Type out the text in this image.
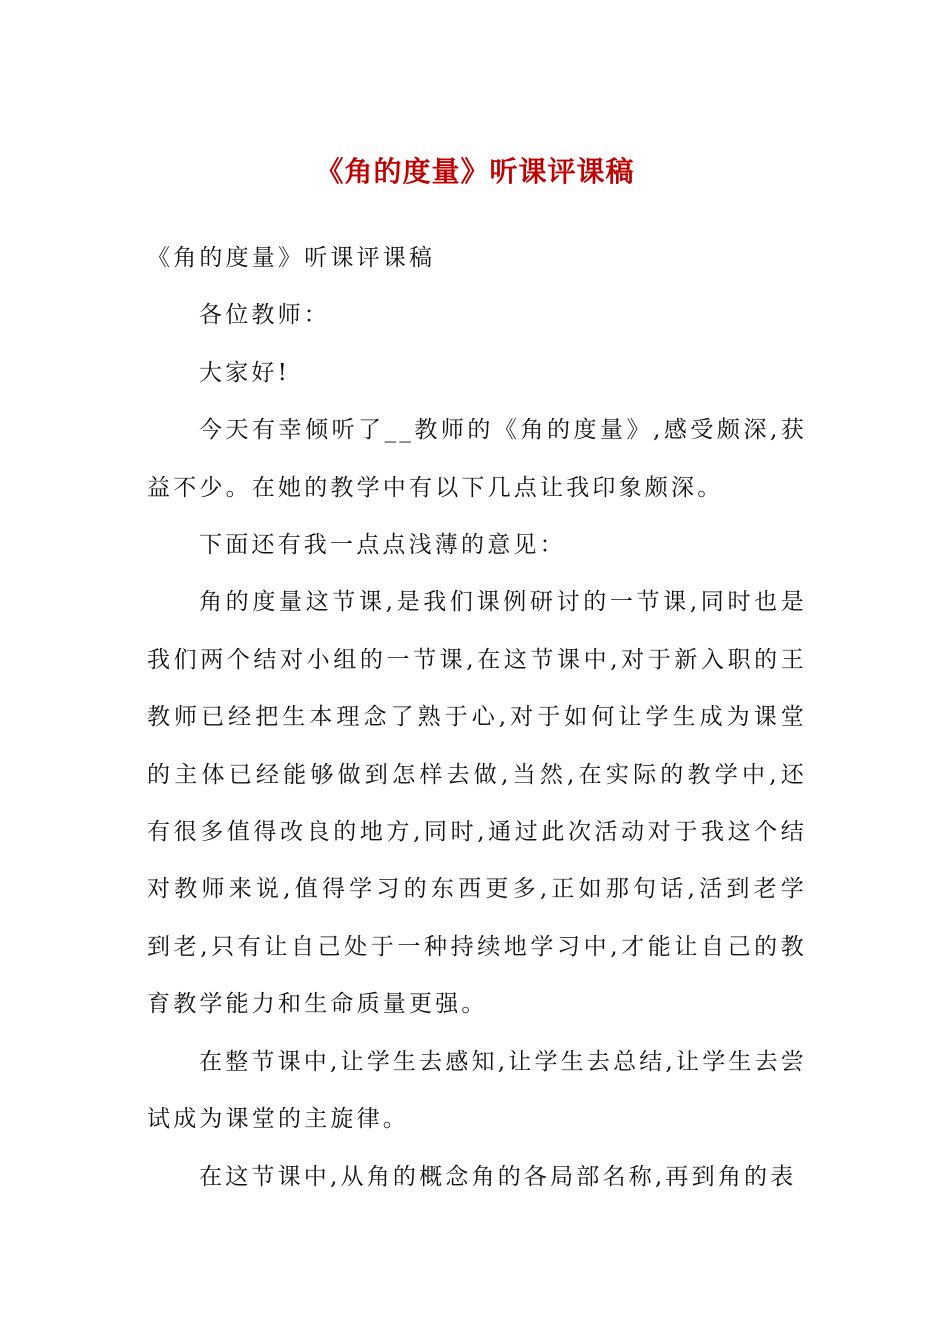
《角的度量》听课评课稿

《角的度量》听课评课稿

各位教师：

大家好!

今天有幸倾听了__教师的《角的度量》,感受颇深,获益不少。在她的教学中有以下几点让我印象颇深。

下面还有我一点点浅薄的意见：

角的度量这节课,是我们课例研讨的一节课,同时也是我们两个结对小组的一节课,在这节课中,对于新入职的王教师已经把生本理念了熟于心,对于如何让学生成为课堂的主体已经能够做到怎样去做,当然,在实际的教学中,还有很多值得改良的地方,同时,通过此次活动对于我这个结对教师来说,值得学习的东西更多,正如那句话,活到老学到老,只有让自己处于一种持续地学习中,才能让自己的教育教学能力和生命质量更强。

在整节课中,让学生去感知,让学生去总结,让学生去尝试成为课堂的主旋律。

在这节课中,从角的概念角的各局部名称,再到角的表
